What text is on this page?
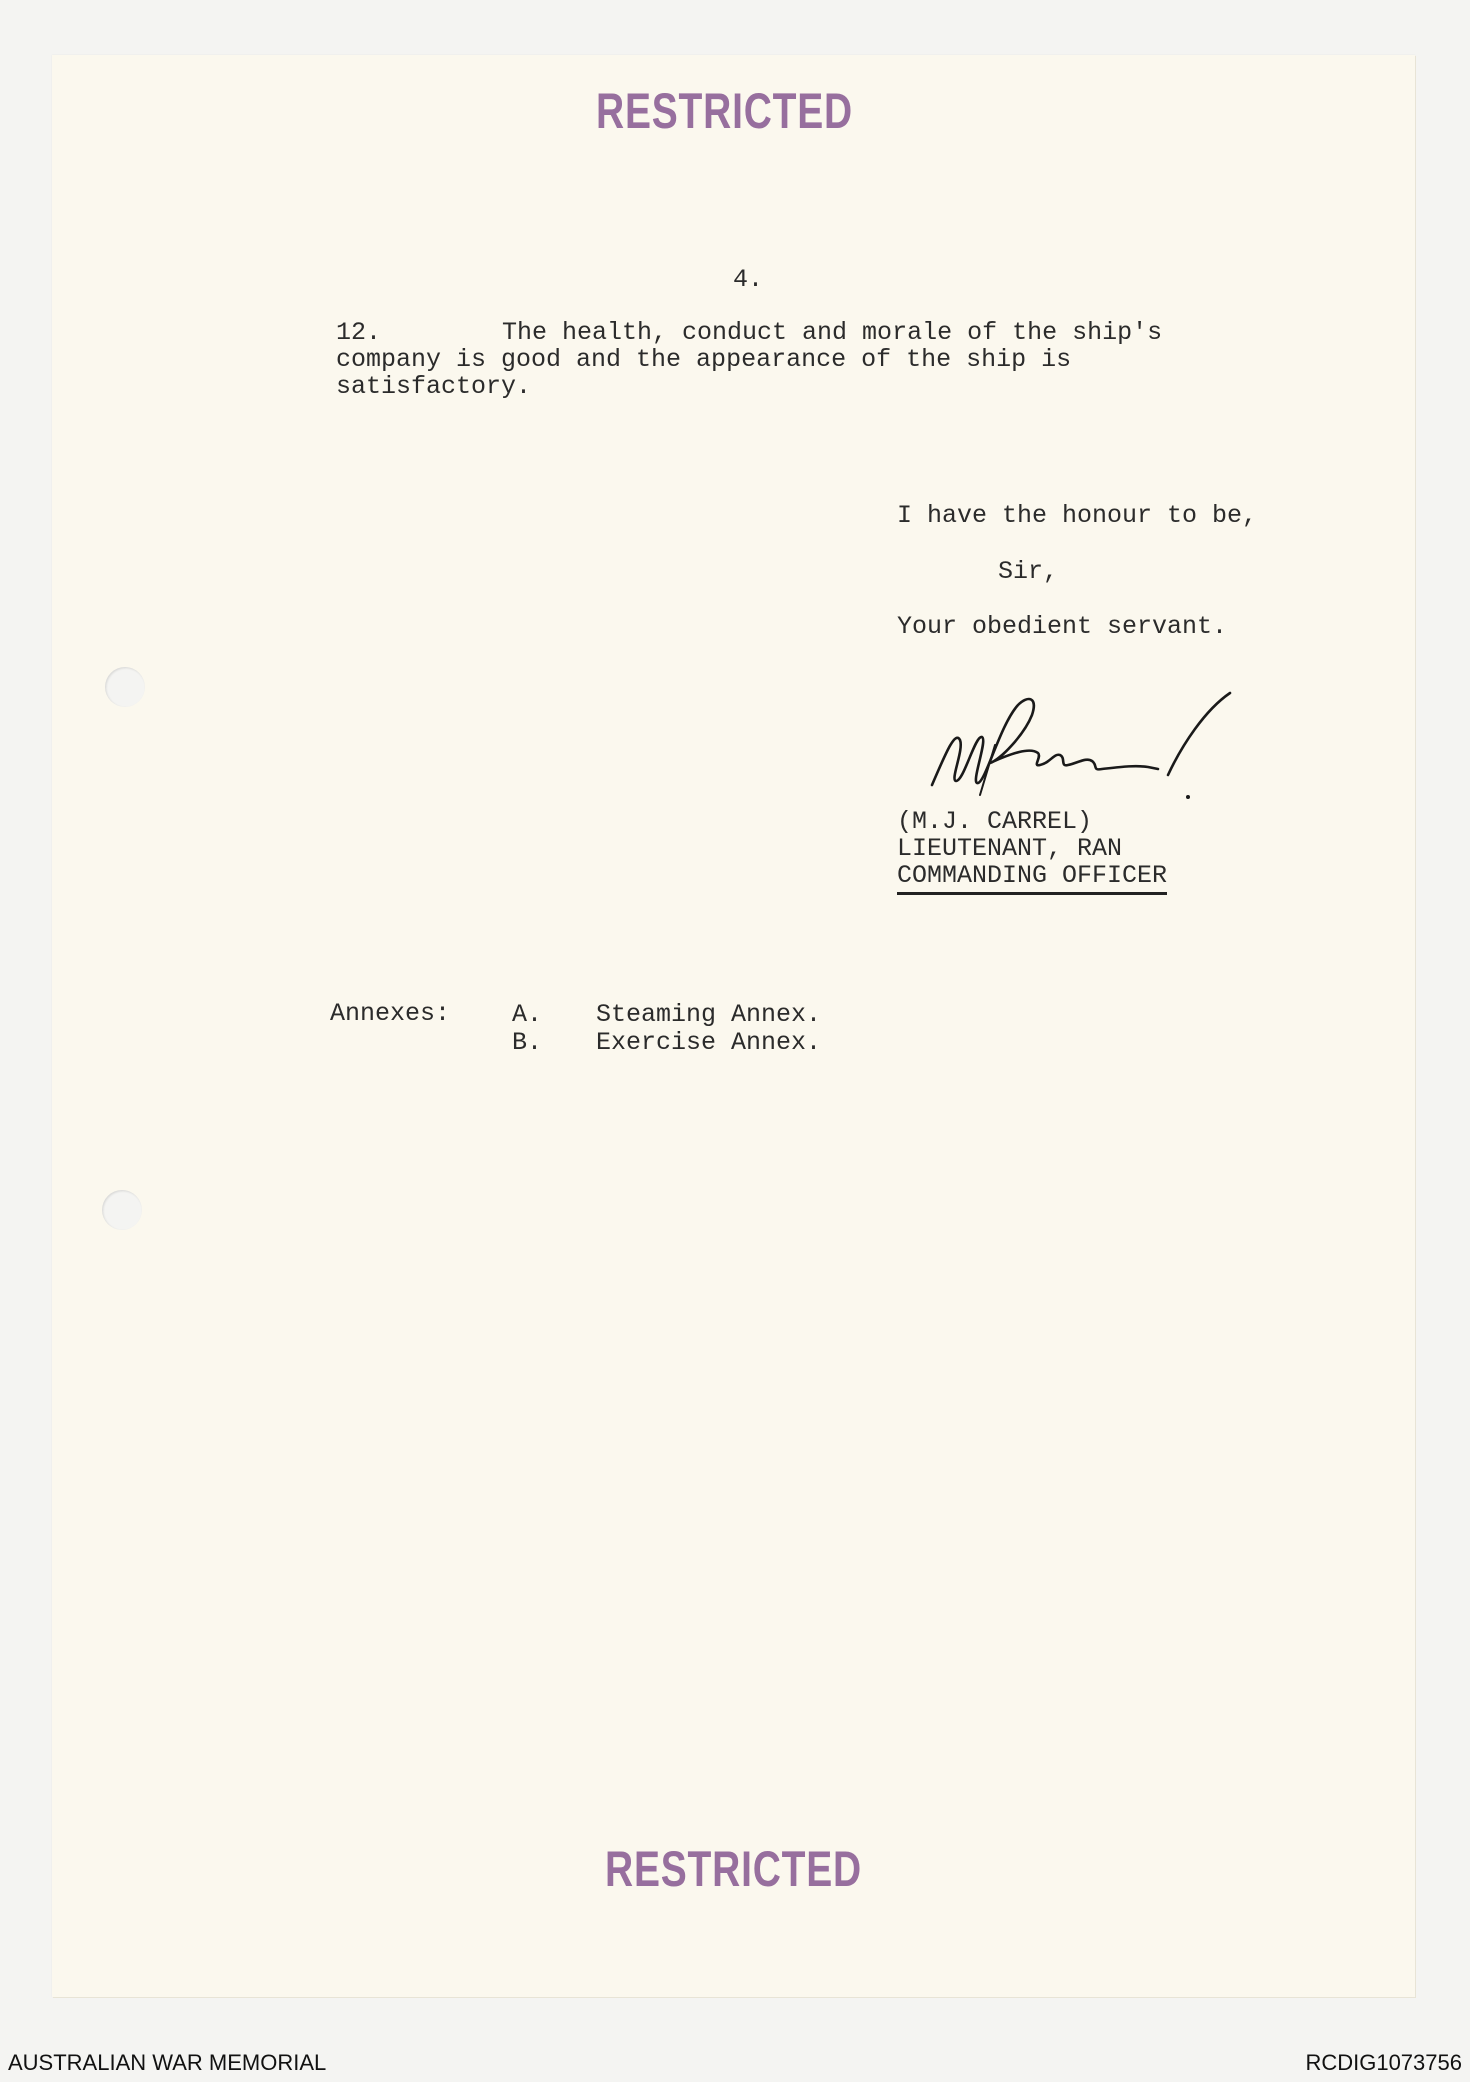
RESTRICTED
4.
12.	The health, conduct and morale of the ship's
company is good and the appearance of the ship is
satisfactory.
I have the honour to be,
Sir,
Your obedient servant.
(M.J. CARREL)
LIEUTENANT, RAN
COMMANDING OFFICER
Annexes: A. Steaming Annex.
B. Exercise Annex.
RESTRICTED
AUSTRALIAN WAR MEMORIAL	RCDIG1073756
